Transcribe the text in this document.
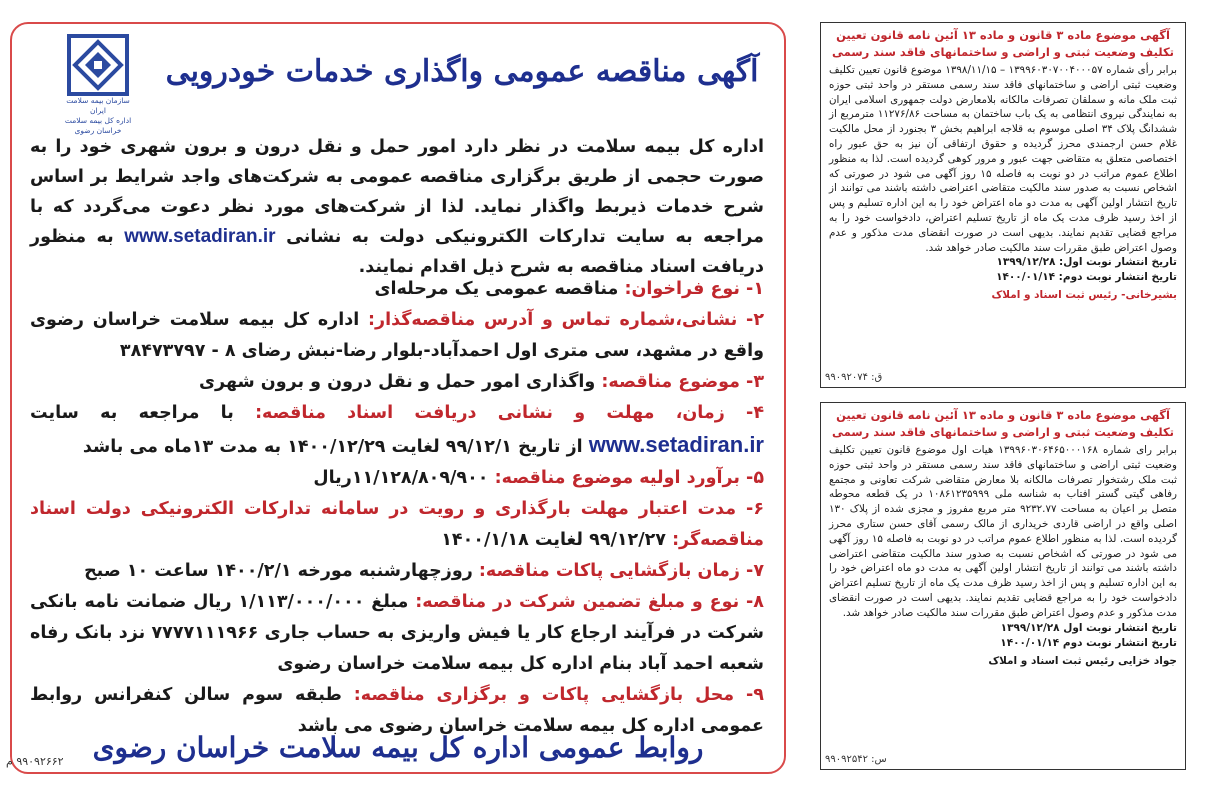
سازمان بیمه سلامت ایران
اداره کل بیمه سلامت خراسان رضوی
آگهی مناقصه عمومی واگذاری خدمات خودرویی
اداره کل بیمه سلامت در نظر دارد امور حمل و نقل درون و برون شهری خود را به صورت حجمی از طریق برگزاری مناقصه عمومی به شرکت‌های واجد شرایط بر اساس شرح خدمات ذیربط واگذار نماید. لذا از شرکت‌های مورد نظر دعوت می‌گردد که با مراجعه به سایت تدارکات الکترونیکی دولت به نشانی www.setadiran.ir به منظور دریافت اسناد مناقصه به شرح ذیل اقدام نمایند.
۱- نوع فراخوان: مناقصه عمومی یک مرحله‌ای
۲- نشانی،شماره تماس و آدرس مناقصه‌گذار: اداره کل بیمه سلامت خراسان رضوی واقع در مشهد، سی متری اول احمدآباد-بلوار رضا-نبش رضای ۸ - ۳۸۴۷۳۷۹۷
۳- موضوع مناقصه: واگذاری امور حمل و نقل درون و برون شهری
۴- زمان، مهلت و نشانی دریافت اسناد مناقصه: با مراجعه به سایت www.setadiran.ir از تاریخ ۹۹/۱۲/۱ لغایت ۱۴۰۰/۱۲/۲۹ به مدت ۱۳ماه می باشد
۵- برآورد اولیه موضوع مناقصه: ۱۱/۱۲۸/۸۰۹/۹۰۰ریال
۶- مدت اعتبار مهلت بارگذاری و رویت در سامانه تدارکات الکترونیکی دولت اسناد مناقصه‌گر: ۹۹/۱۲/۲۷ لغایت ۱۴۰۰/۱/۱۸
۷- زمان بازگشایی پاکات مناقصه: روزچهارشنبه مورخه ۱۴۰۰/۲/۱ ساعت ۱۰ صبح
۸- نوع و مبلغ تضمین شرکت در مناقصه: مبلغ ۱/۱۱۳/۰۰۰/۰۰۰ ریال ضمانت نامه بانکی شرکت در فرآیند ارجاع کار یا فیش واریزی به حساب جاری ۷۷۷۷۱۱۱۹۶۶ نزد بانک رفاه شعبه احمد آباد بنام اداره کل بیمه سلامت خراسان رضوی
۹- محل بازگشایی پاکات و برگزاری مناقصه: طبقه سوم سالن کنفرانس روابط عمومی اداره کل بیمه سلامت خراسان رضوی می باشد
روابط عمومی اداره کل بیمه سلامت خراسان رضوی
۹۹۰۹۲۶۶۲ م
آگهی موضوع ماده ۳ قانون و ماده ۱۳ آئین نامه قانون تعیین تکلیف وضعیت ثبتی و اراضی و ساختمانهای فاقد سند رسمی
برابر رأی شماره ۱۳۹۹۶۰۳۰۷۰۰۴۰۰۰۵۷ – ۱۳۹۸/۱۱/۱۵ موضوع قانون تعیین تکلیف وضعیت ثبتی اراضی و ساختمانهای فاقد سند رسمی مستقر در واحد ثبتی حوزه ثبت ملک مانه و سملقان تصرفات مالکانه بلامعارض دولت جمهوری اسلامی ایران به نمایندگی نیروی انتظامی به یک باب ساختمان به مساحت ۱۱۲۷۶/۸۶ مترمربع از ششدانگ پلاک ۳۴ اصلی موسوم به قلاجه ابراهیم بخش ۳ بجنورد از محل مالکیت غلام حسن ارجمندی محرز گردیده و حقوق ارتفاقی آن نیز به حق عبور راه اختصاصی متعلق به متقاضی جهت عبور و مرور کوهی گردیده است. لذا به منظور اطلاع عموم مراتب در دو نوبت به فاصله ۱۵ روز آگهی می شود در صورتی که اشخاص نسبت به صدور سند مالکیت متقاضی اعتراضی داشته باشند می توانند از تاریخ انتشار اولین آگهی به مدت دو ماه اعتراض خود را به این اداره تسلیم و پس از اخذ رسید ظرف مدت یک ماه از تاریخ تسلیم اعتراض، دادخواست خود را به مراجع قضایی تقدیم نمایند. بدیهی است در صورت انقضای مدت مذکور و عدم وصول اعتراض طبق مقررات سند مالکیت صادر خواهد شد.
تاریخ انتشار نوبت اول: ۱۳۹۹/۱۲/۲۸
تاریخ انتشار نوبت دوم: ۱۴۰۰/۰۱/۱۴
بشیرخانی- رئیس ثبت اسناد و املاک
۹۹۰۹۲۰۷۴ :ق
آگهی موضوع ماده ۳ قانون و ماده ۱۳ آئین نامه قانون تعیین تکلیف وضعیت ثبتی و اراضی و ساختمانهای فاقد سند رسمی
برابر رای شماره ۱۳۹۹۶۰۳۰۶۴۶۵۰۰۰۱۶۸ هیات اول موضوع قانون تعیین تکلیف وضعیت ثبتی اراضی و ساختمانهای فاقد سند رسمی مستقر در واحد ثبتی حوزه ثبت ملک رشتخوار تصرفات مالکانه بلا معارض متقاضی شرکت تعاونی و مجتمع رفاهی گیتی گستر افتاب به شناسه ملی ۱۰۸۶۱۲۳۵۹۹۹ در یک قطعه محوطه متصل بر اعیان به مساحت ۹۲۳۲.۷۷ متر مربع مفروز و مجزی شده از پلاک ۱۳۰ اصلی واقع در اراضی قاردی خریداری از مالک رسمی آقای حسن ستاری محرز گردیده است. لذا به منظور اطلاع عموم مراتب در دو نوبت به فاصله ۱۵ روز آگهی می شود در صورتی که اشخاص نسبت به صدور سند مالکیت متقاضی اعتراضی داشته باشند می توانند از تاریخ انتشار اولین آگهی به مدت دو ماه اعتراض خود را به این اداره تسلیم و پس از اخذ رسید ظرف مدت یک ماه از تاریخ تسلیم اعتراض دادخواست خود را به مراجع قضایی تقدیم نمایند. بدیهی است در صورت انقضای مدت مذکور و عدم وصول اعتراض طبق مقررات سند مالکیت صادر خواهد شد.
تاریخ انتشار نوبت اول ۱۳۹۹/۱۲/۲۸
تاریخ انتشار نوبت دوم ۱۴۰۰/۰۱/۱۴
جواد خزایی رئیس ثبت اسناد و املاک
۹۹۰۹۲۵۴۲ :س
